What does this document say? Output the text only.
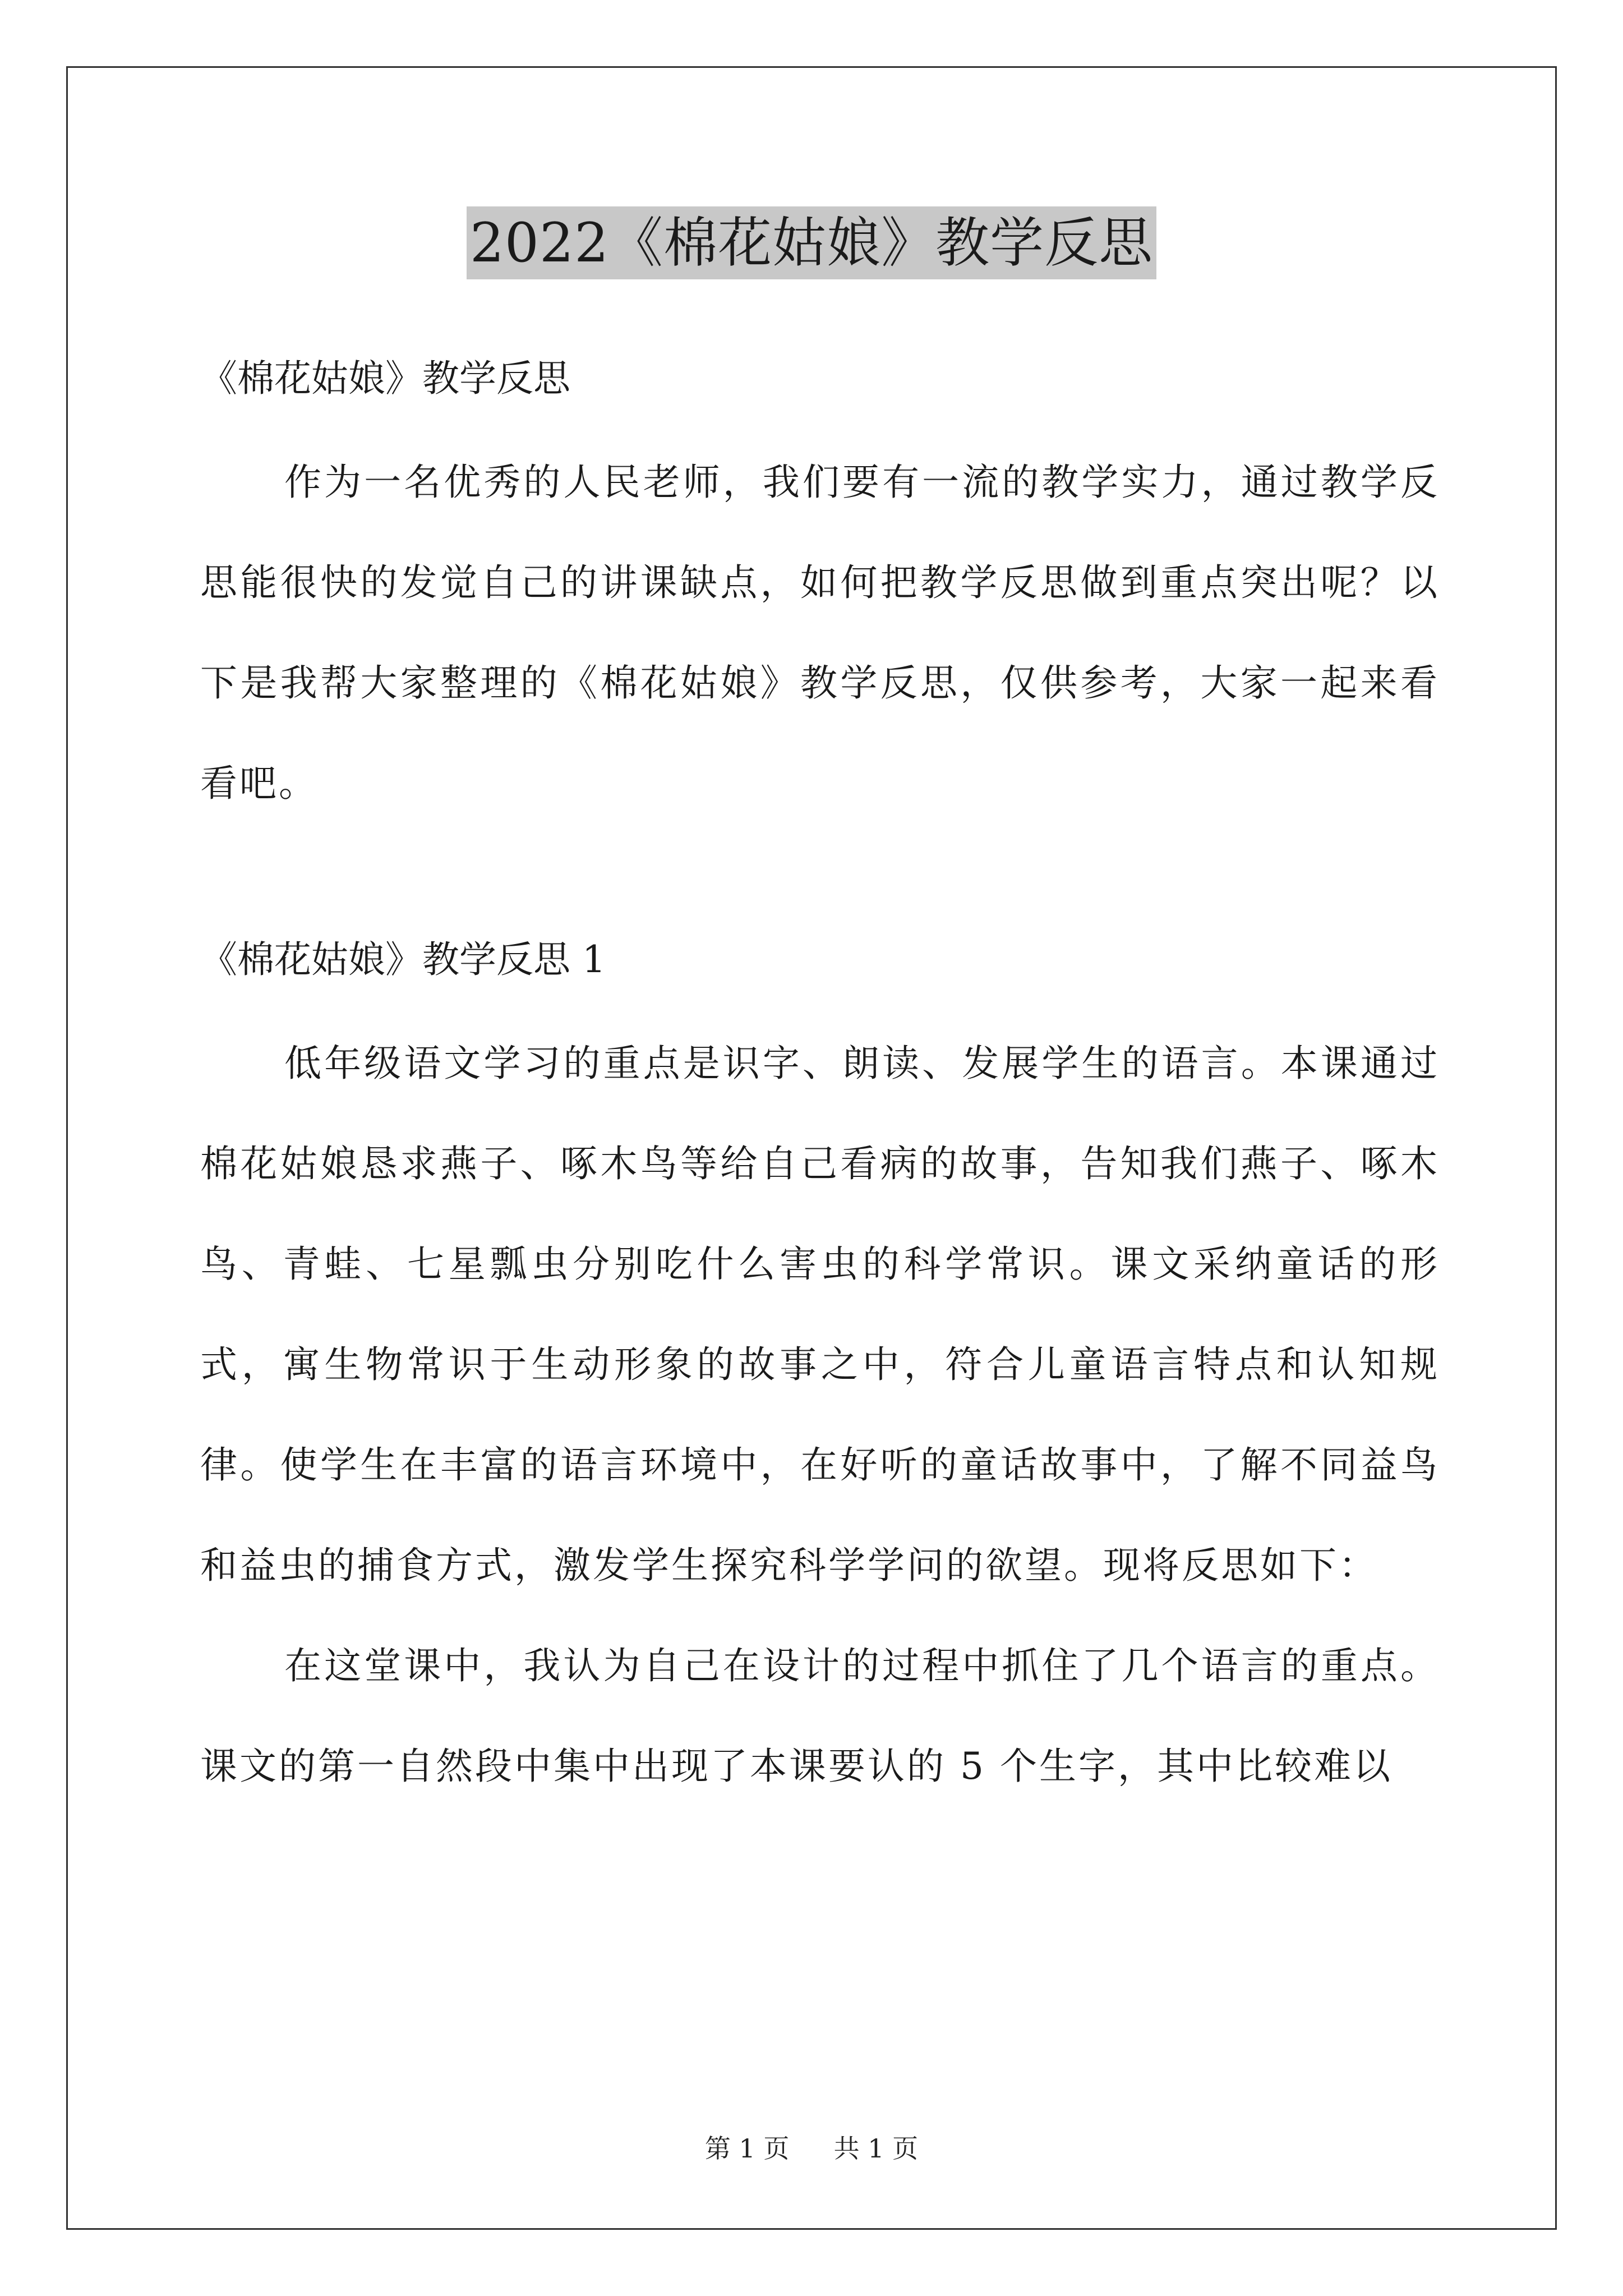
2022《棉花姑娘》教学反思

《棉花姑娘》教学反思

作为一名优秀的人民老师，我们要有一流的教学实力，通过教学反思能很快的发觉自己的讲课缺点，如何把教学反思做到重点突出呢？以下是我帮大家整理的《棉花姑娘》教学反思，仅供参考，大家一起来看看吧。

《棉花姑娘》教学反思 1

低年级语文学习的重点是识字、朗读、发展学生的语言。本课通过棉花姑娘恳求燕子、啄木鸟等给自己看病的故事，告知我们燕子、啄木鸟、青蛙、七星瓢虫分别吃什么害虫的科学常识。课文采纳童话的形式，寓生物常识于生动形象的故事之中，符合儿童语言特点和认知规律。使学生在丰富的语言环境中，在好听的童话故事中，了解不同益鸟和益虫的捕食方式，激发学生探究科学学问的欲望。现将反思如下：

在这堂课中，我认为自己在设计的过程中抓住了几个语言的重点。课文的第一自然段中集中出现了本课要认的 5 个生字，其中比较难以

第 1 页 共 1 页
